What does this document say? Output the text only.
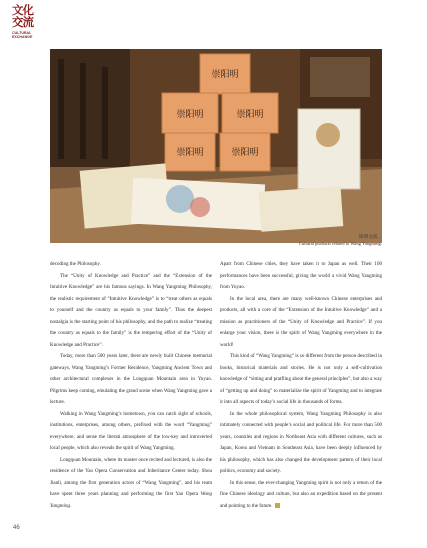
文化 交流
CULTURAL EXCHANGE
崇阳明
崇阳明	崇阳明
崇阳明	崇阳明
阳明文创。
Cultural products related to Wang Yangming.

decoding the Philosophy.

The “Unity of Knowledge and Practice” and the “Extension of the Intuitive Knowledge” are his famous sayings. In Wang Yangming Philosophy, the realistic requirement of “Intuitive Knowledge” is to “treat others as equals to yourself and the country as equals to your family”. Thus the deepest nostalgia is the starting point of his philosophy, and the path to realize “treating the country as equals to the family” is the tempering effort of the “Unity of Knowledge and Practice”.

Today, more than 500 years later, there are newly built Chinese memorial gateways, Wang Yangming’s Former Residence, Yangming Ancient Town and other architectural complexes in the Longquan Mountain area in Yuyao. Pilgrims keep coming, emulating the grand scene when Wang Yangming gave a lecture.

Walking in Wang Yangming’s hometown, you can catch sight of schools, institutions, enterprises, among others, prefixed with the word “Yangming” everywhere, and sense the literati atmosphere of the low-key and introverted local people, which also reveals the spirit of Wang Yangming.

Longquan Mountain, where its master once recited and lectured, is also the residence of the Yao Opera Conservation and Inheritance Center today. Shou Jianli, among the first generation actors of “Wang Yangming”, and his team have spent three years planning and performing the first Yao Opera Wang Yangming.

Apart from Chinese cities, they have taken it to Japan as well. Their 100 performances have been successful, giving the world a vivid Wang Yangming from Yuyao.

In the local area, there are many well-known Chinese enterprises and products, all with a core of the “Extension of the Intuitive Knowledge” and a mission as practitioners of the “Unity of Knowledge and Practice”. If you enlarge your vision, there is the spirit of Wang Yangming everywhere in the world!

This kind of “Wang Yangming” is so different from the person described in books, historical materials and stories. He is not only a self-cultivation knowledge of “sitting and pratfling about the general principles”, but also a way of “getting up and doing” to materialize the spirit of Yangming and to integrate it into all aspects of today’s social life in thousands of forms.

In the whole philosophical system, Wang Yangming Philosophy is also intimately connected with people’s social and political life. For more than 500 years, countries and regions in Northeast Asia with different cultures, such as Japan, Korea and Vietnam in Southeast Asia, have been deeply influenced by his philosophy, which has also changed the development pattern of their local politics, economy and society.

In this sense, the ever-changing Yangming spirit is not only a return of the fine Chinese ideology and culture, but also an expedition based on the present and pointing to the future.

46
